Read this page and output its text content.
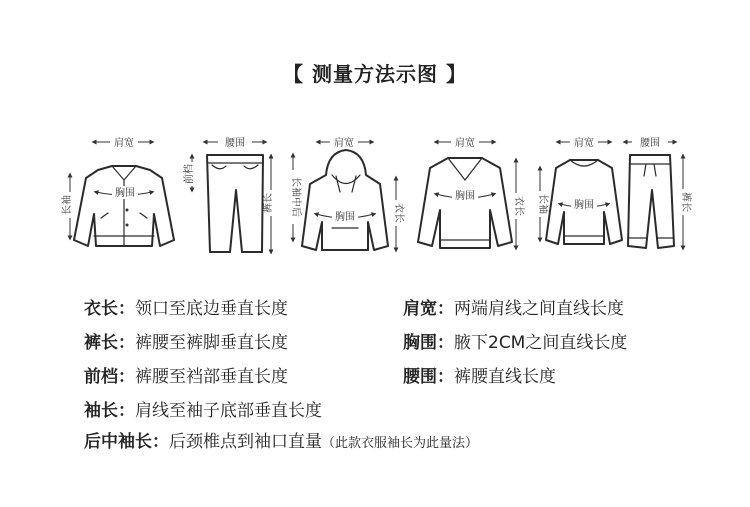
【 测量方法示图 】
肩宽
胸围
长袖
腰围
前档
裤长
肩宽
胸围
长袖中后	衣长
肩宽
胸围	衣长
肩宽
胸围
长袖
腰围
裤长
衣长：领口至底边垂直长度	肩宽：两端肩线之间直线长度
裤长：裤腰至裤脚垂直长度	胸围：腋下2CM之间直线长度
前档：裤腰至裆部垂直长度	腰围：裤腰直线长度
袖长：肩线至袖子底部垂直长度
后中袖长：后颈椎点到袖口直量（此款衣服袖长为此量法）
